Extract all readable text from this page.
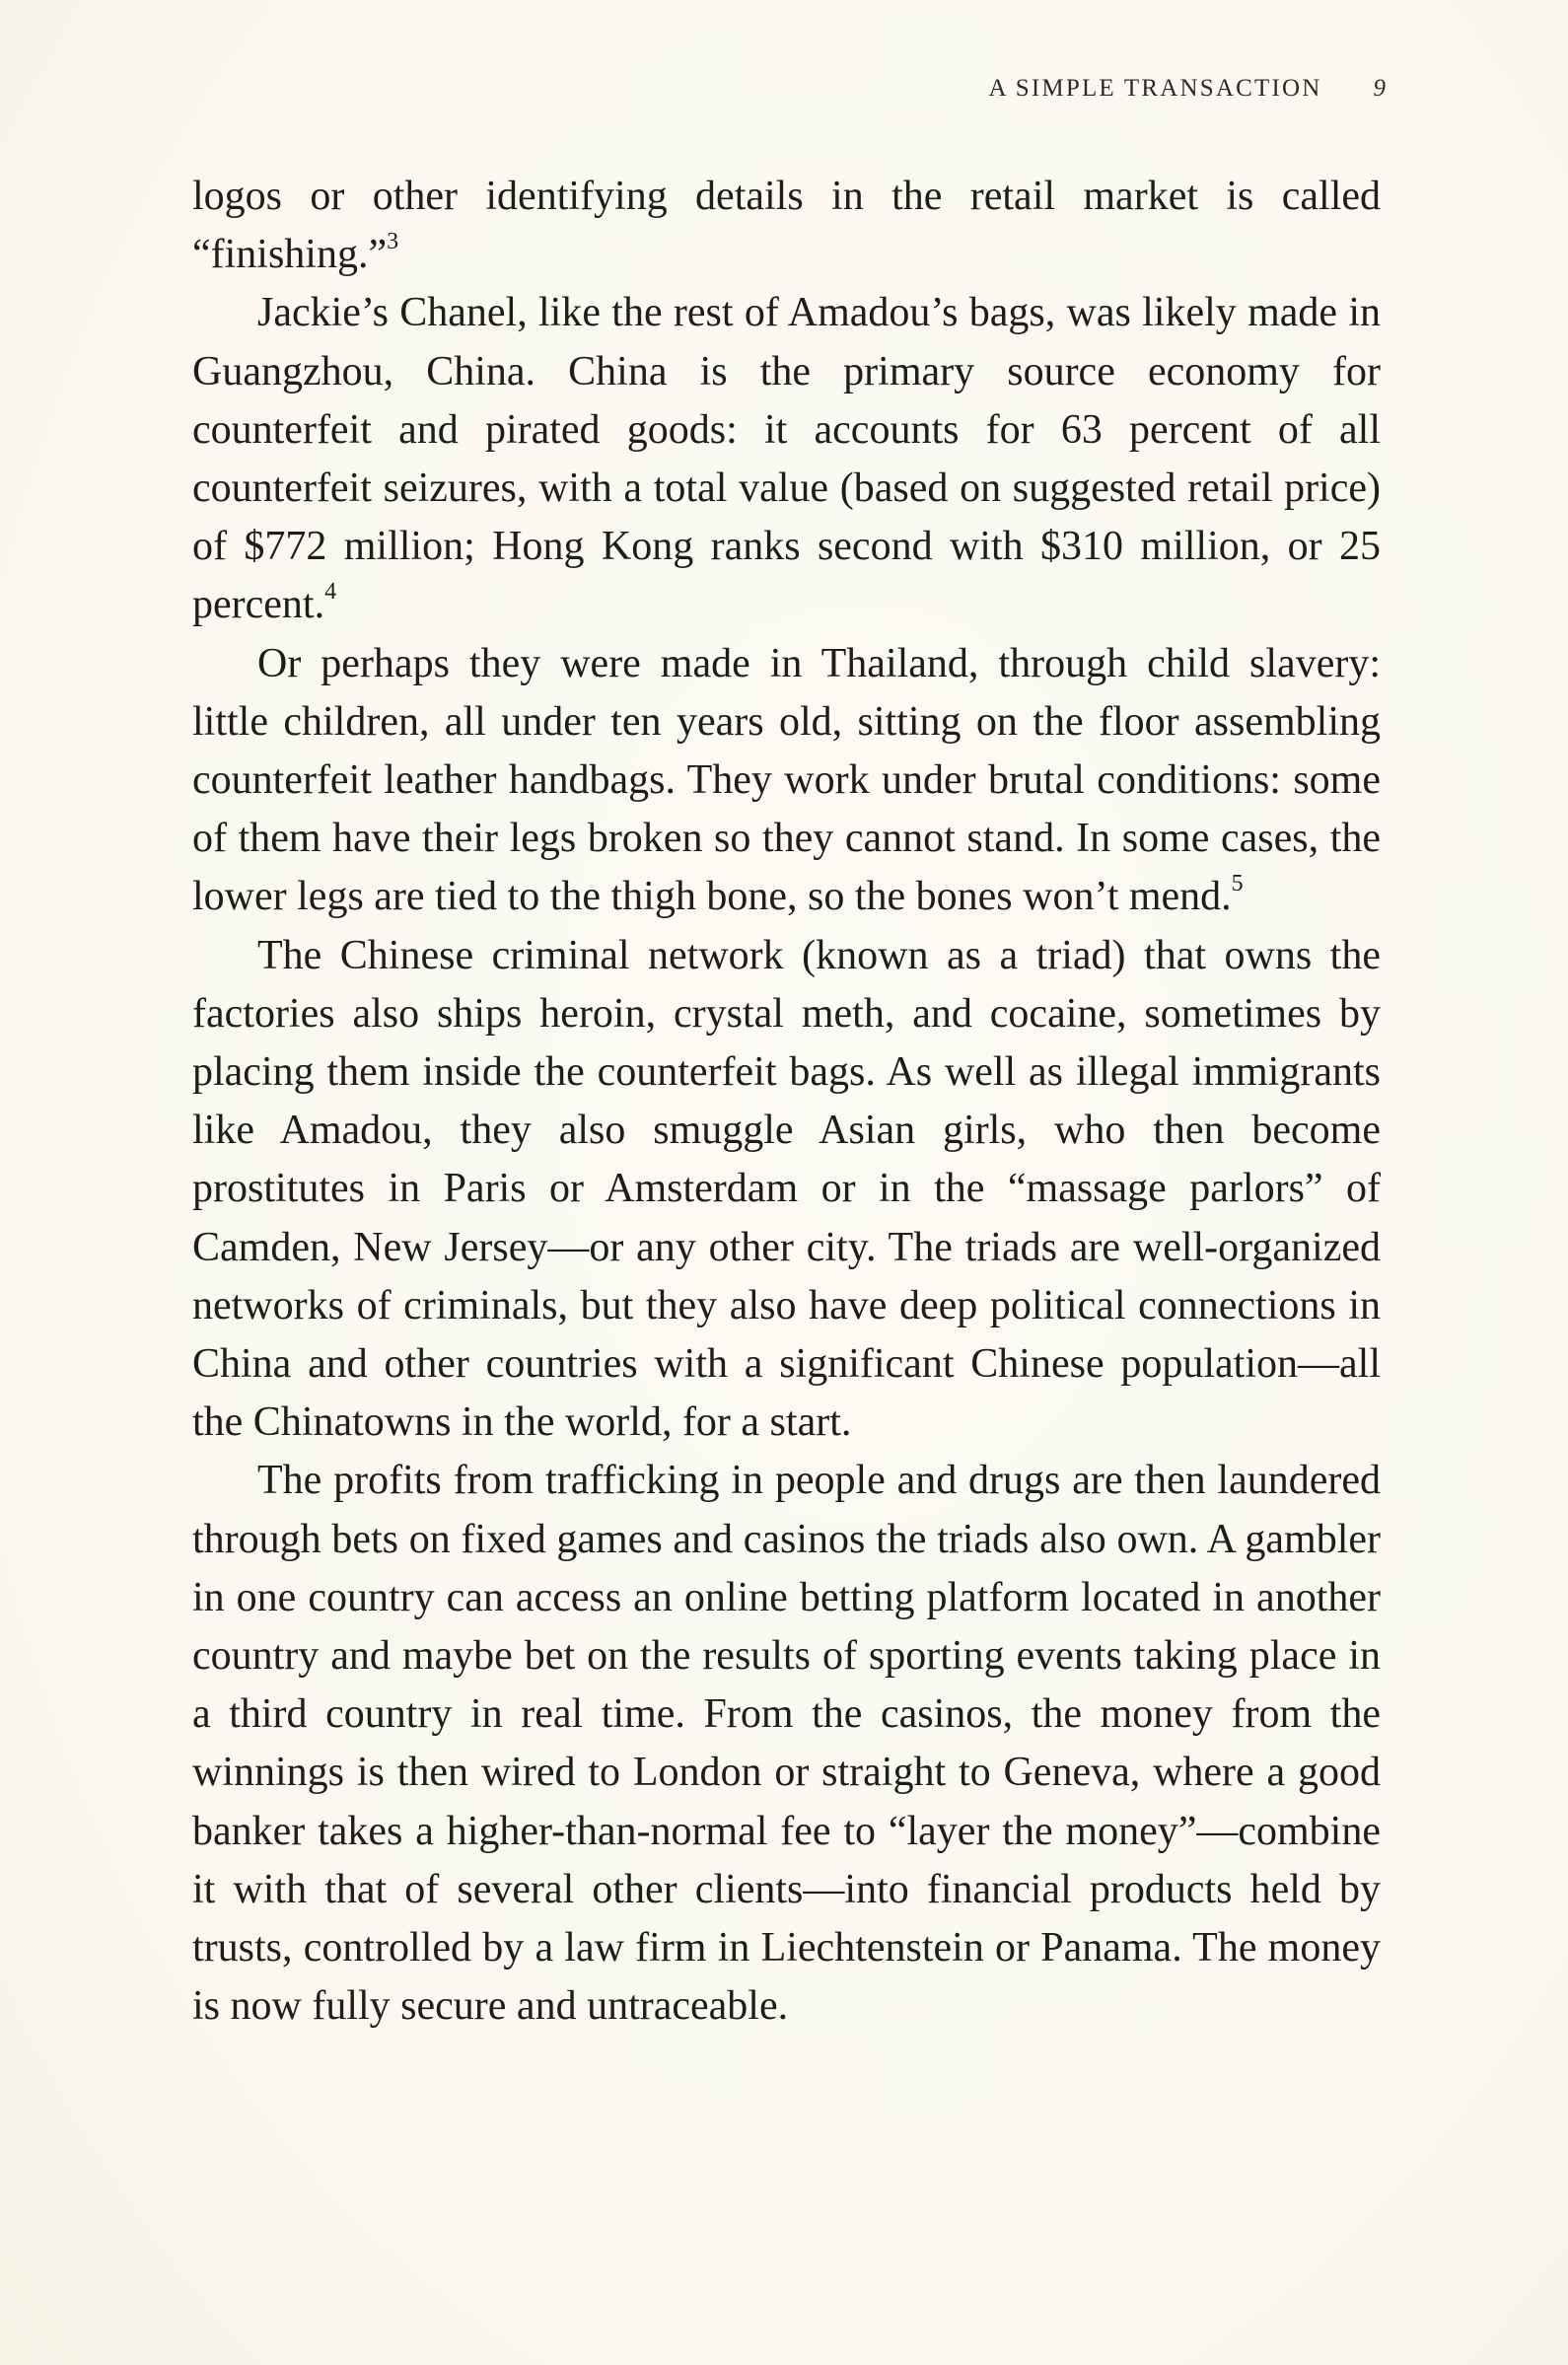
A SIMPLE TRANSACTION 9

logos or other identifying details in the retail market is called “finishing.”$^3$

Jackie’s Chanel, like the rest of Amadou’s bags, was likely made in Guangzhou, China. China is the primary source economy for counterfeit and pirated goods: it accounts for 63 percent of all counterfeit seizures, with a total value (based on suggested retail price) of $772 million; Hong Kong ranks second with $310 million, or 25 percent.$^4$

Or perhaps they were made in Thailand, through child slavery: little children, all under ten years old, sitting on the floor assembling counterfeit leather handbags. They work under brutal conditions: some of them have their legs broken so they cannot stand. In some cases, the lower legs are tied to the thigh bone, so the bones won’t mend.$^5$

The Chinese criminal network (known as a triad) that owns the factories also ships heroin, crystal meth, and cocaine, sometimes by placing them inside the counterfeit bags. As well as illegal immigrants like Amadou, they also smuggle Asian girls, who then become prostitutes in Paris or Amsterdam or in the “massage parlors” of Camden, New Jersey—or any other city. The triads are well-organized networks of criminals, but they also have deep political connections in China and other countries with a significant Chinese population—all the Chinatowns in the world, for a start.

The profits from trafficking in people and drugs are then laundered through bets on fixed games and casinos the triads also own. A gambler in one country can access an online betting platform located in another country and maybe bet on the results of sporting events taking place in a third country in real time. From the casinos, the money from the winnings is then wired to London or straight to Geneva, where a good banker takes a higher-than-normal fee to “layer the money”—combine it with that of several other clients—into financial products held by trusts, controlled by a law firm in Liechtenstein or Panama. The money is now fully secure and untraceable.
